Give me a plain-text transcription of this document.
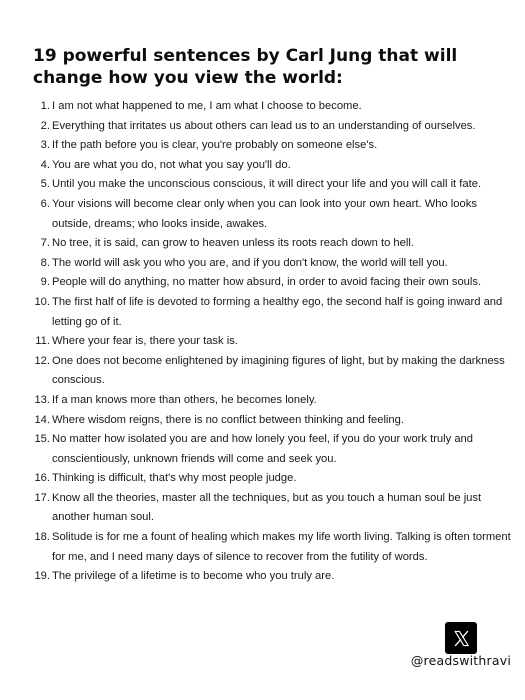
19 powerful sentences by Carl Jung that will change how you view the world:
1. I am not what happened to me, I am what I choose to become.
2. Everything that irritates us about others can lead us to an understanding of ourselves.
3. If the path before you is clear, you're probably on someone else's.
4. You are what you do, not what you say you'll do.
5. Until you make the unconscious conscious, it will direct your life and you will call it fate.
6. Your visions will become clear only when you can look into your own heart. Who looks outside, dreams; who looks inside, awakes.
7. No tree, it is said, can grow to heaven unless its roots reach down to hell.
8. The world will ask you who you are, and if you don't know, the world will tell you.
9. People will do anything, no matter how absurd, in order to avoid facing their own souls.
10. The first half of life is devoted to forming a healthy ego, the second half is going inward and letting go of it.
11. Where your fear is, there your task is.
12. One does not become enlightened by imagining figures of light, but by making the darkness conscious.
13. If a man knows more than others, he becomes lonely.
14. Where wisdom reigns, there is no conflict between thinking and feeling.
15. No matter how isolated you are and how lonely you feel, if you do your work truly and conscientiously, unknown friends will come and seek you.
16. Thinking is difficult, that's why most people judge.
17. Know all the theories, master all the techniques, but as you touch a human soul be just another human soul.
18. Solitude is for me a fount of healing which makes my life worth living. Talking is often torment for me, and I need many days of silence to recover from the futility of words.
19. The privilege of a lifetime is to become who you truly are.
@readswithravi
